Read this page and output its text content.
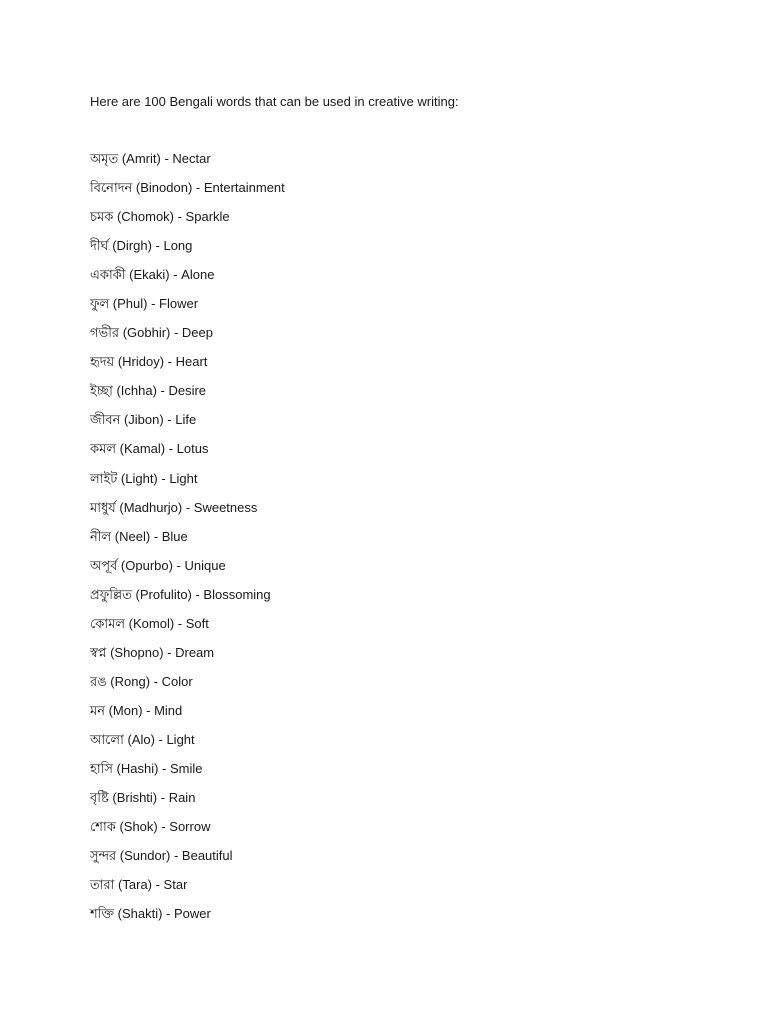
Here are 100 Bengali words that can be used in creative writing:
অমৃত (Amrit) - Nectar
বিনোদন (Binodon) - Entertainment
চমক (Chomok) - Sparkle
দীর্ঘ (Dirgh) - Long
একাকী (Ekaki) - Alone
ফুল (Phul) - Flower
গভীর (Gobhir) - Deep
হৃদয় (Hridoy) - Heart
ইচ্ছা (Ichha) - Desire
জীবন (Jibon) - Life
কমল (Kamal) - Lotus
লাইট (Light) - Light
মাধুর্য (Madhurjo) - Sweetness
নীল (Neel) - Blue
অপূর্ব (Opurbo) - Unique
প্রফুল্লিত (Profulito) - Blossoming
কোমল (Komol) - Soft
স্বপ্ন (Shopno) - Dream
রঙ (Rong) - Color
মন (Mon) - Mind
আলো (Alo) - Light
হাসি (Hashi) - Smile
বৃষ্টি (Brishti) - Rain
শোক (Shok) - Sorrow
সুন্দর (Sundor) - Beautiful
তারা (Tara) - Star
শক্তি (Shakti) - Power
